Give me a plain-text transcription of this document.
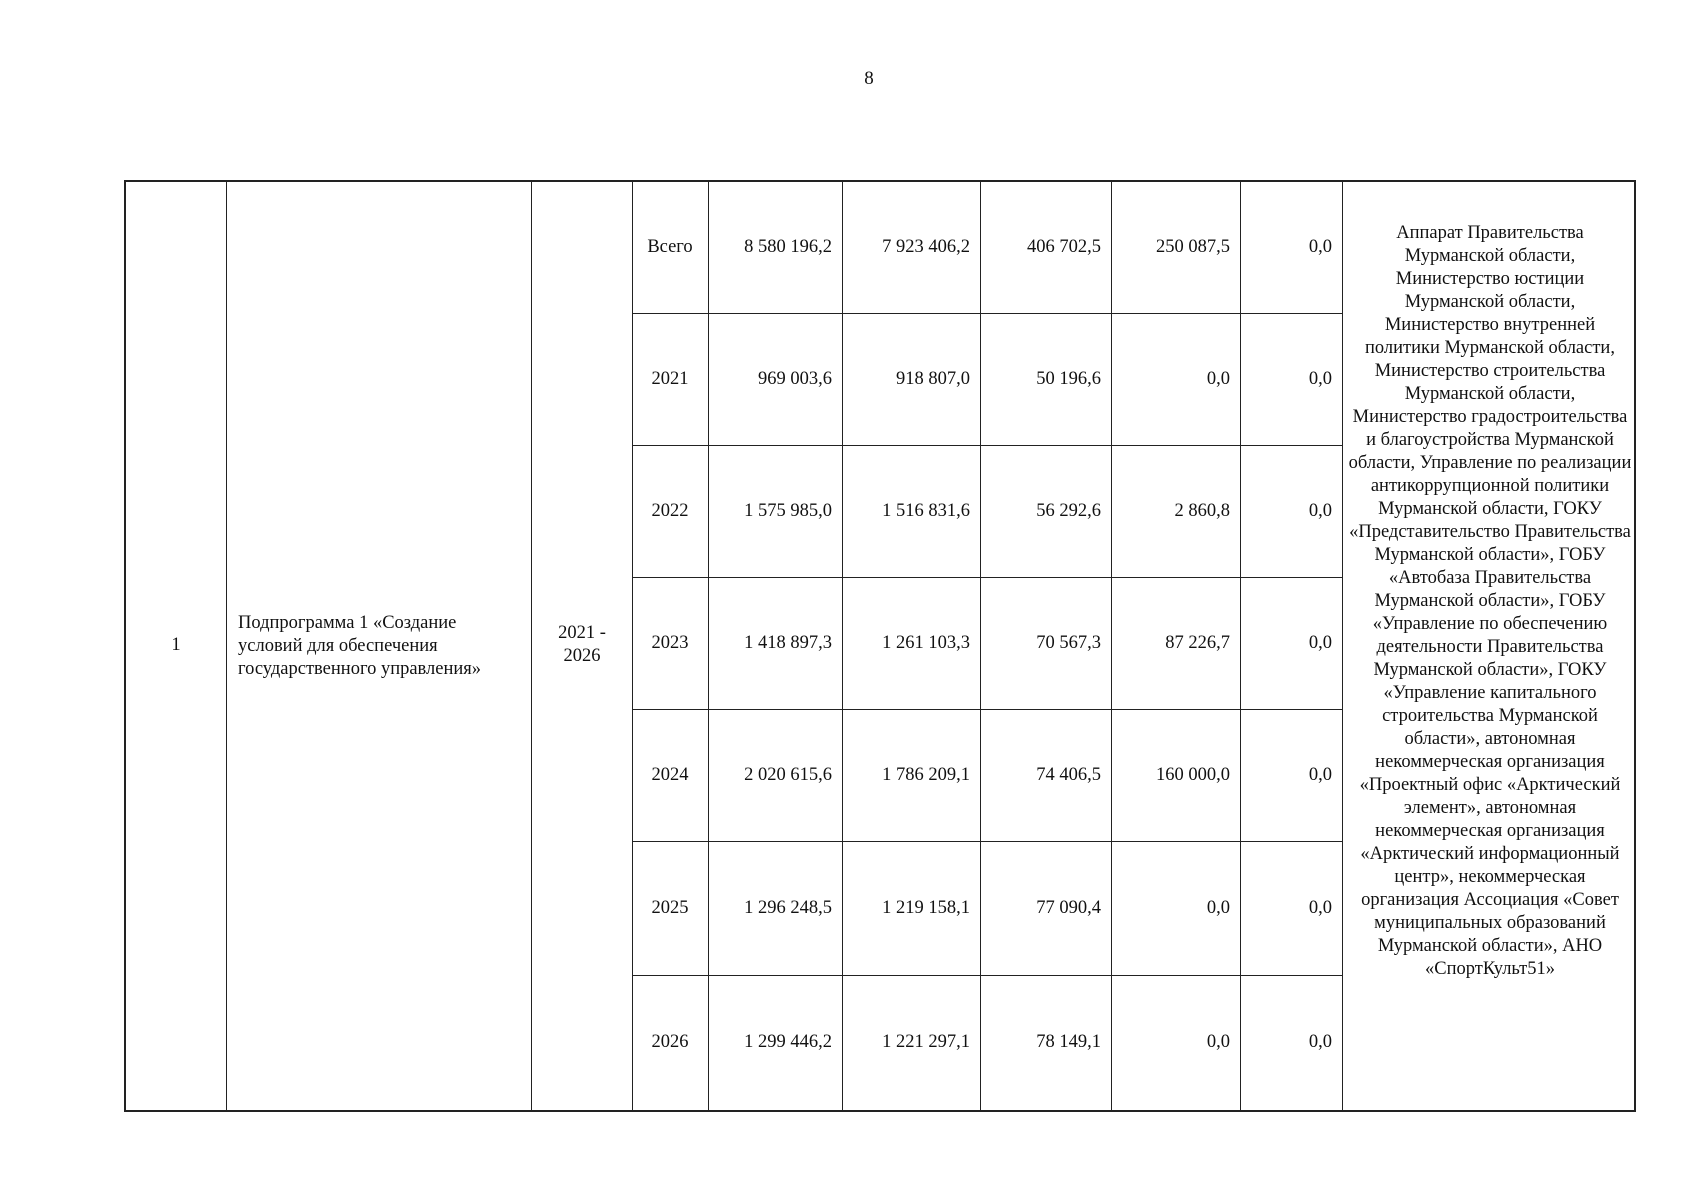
8
1
Подпрограмма 1 «Создание условий для обеспечения государственного управления»
2021 - 2026
Всего	8 580 196,2	7 923 406,2	406 702,5	250 087,5	0,0
2021	969 003,6	918 807,0	50 196,6	0,0	0,0
2022	1 575 985,0	1 516 831,6	56 292,6	2 860,8	0,0
2023	1 418 897,3	1 261 103,3	70 567,3	87 226,7	0,0
2024	2 020 615,6	1 786 209,1	74 406,5	160 000,0	0,0
2025	1 296 248,5	1 219 158,1	77 090,4	0,0	0,0
2026	1 299 446,2	1 221 297,1	78 149,1	0,0	0,0
Аппарат Правительства Мурманской области, Министерство юстиции Мурманской области, Министерство внутренней политики Мурманской области, Министерство строительства Мурманской области, Министерство градостроительства и благоустройства Мурманской области, Управление по реализации антикоррупционной политики Мурманской области, ГОКУ «Представительство Правительства Мурманской области», ГОБУ «Автобаза Правительства Мурманской области», ГОБУ «Управление по обеспечению деятельности Правительства Мурманской области», ГОКУ «Управление капитального строительства Мурманской области», автономная некоммерческая организация «Проектный офис «Арктический элемент», автономная некоммерческая организация «Арктический информационный центр», некоммерческая организация Ассоциация «Совет муниципальных образований Мурманской области», АНО «СпортКульт51»
